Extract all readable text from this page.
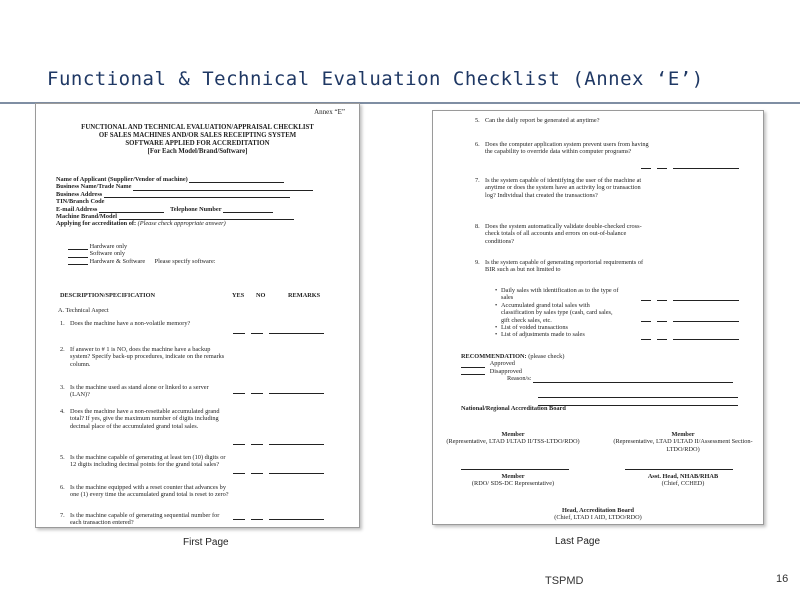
Functional & Technical Evaluation Checklist (Annex ‘E’)
Annex “E”
FUNCTIONAL AND TECHNICAL EVALUATION/APPRAISAL CHECKLIST
OF SALES MACHINES AND/OR SALES RECEIPTING SYSTEM
SOFTWARE APPLIED FOR ACCREDITATION
[For Each Model/Brand/Software]
Name of Applicant (Supplier/Vendor of machine)
Business Name/Trade Name
Business Address
TIN/Branch Code
E-mail Address	Telephone Number
Machine Brand/Model
Applying for accreditation of: (Please check appropriate answer)
Hardware only
Software only
Hardware & Software Please specify software:
DESCRIPTION/SPECIFICATION	YES NO	REMARKS
A. Technical Aspect
1. Does the machine have a non-volatile memory?
2. If answer to # 1 is NO, does the machine have a backup system? Specify back-up procedures, indicate on the remarks column.
3. Is the machine used as stand alone or linked to a server (LAN)?
4. Does the machine have a non-resettable accumulated grand total? If yes, give the maximum number of digits including decimal place of the accumulated grand total sales.
5. Is the machine capable of generating at least ten (10) digits or 12 digits including decimal points for the grand total sales?
6. Is the machine equipped with a reset counter that advances by one (1) every time the accumulated grand total is reset to zero?
7. Is the machine capable of generating sequential number for each transaction entered?
5. Can the daily report be generated at anytime?
6. Does the computer application system prevent users from having the capability to override data within computer programs?
7. Is the system capable of identifying the user of the machine at anytime or does the system have an activity log or transaction log? Individual that created the transactions?
8. Does the system automatically validate double-checked cross-check totals of all accounts and errors on out-of-balance conditions?
9. Is the system capable of generating reportorial requirements of BIR such as but not limited to
• Daily sales with identification as to the type of sales
• Accumulated grand total sales with classification by sales type (cash, card sales, gift check sales, etc.
• List of voided transactions
• List of adjustments made to sales
RECOMMENDATION: (please check)
Approved
Disapproved
Reason/s:
National/Regional Accreditation Board
Member
(Representative, LTAD I/LTAD II/TSS-LTDO/RDO)
Member
(Representative, LTAD I/LTAD II/Assessment Section-LTDO/RDO)
Member
(RDO/ SDS-DC Representative)
Asst. Head, NHAB/RHAB
(Chief, CCHED)
Head, Accreditation Board
(Chief, LTAD I AID, LTDO/RDO)
First Page	Last Page
TSPMD	16
